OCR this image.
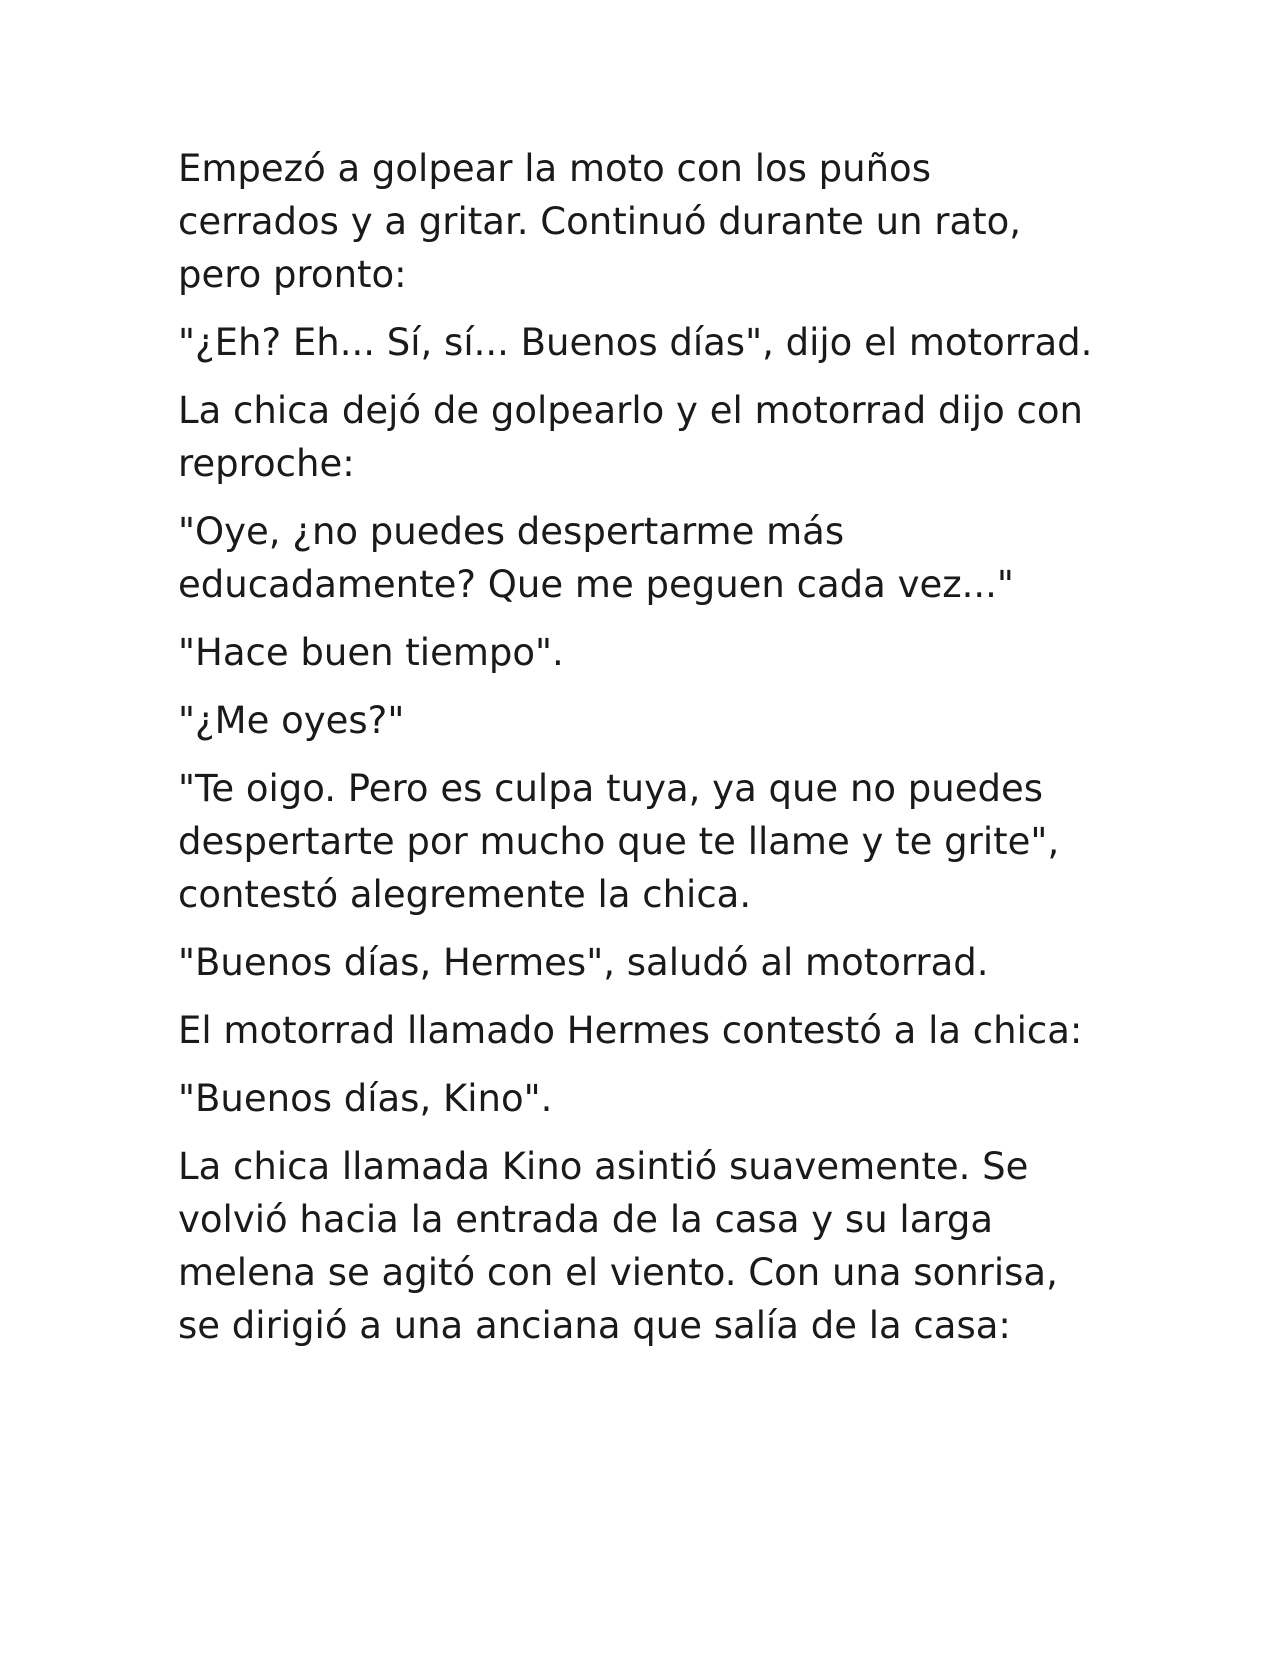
Empezó a golpear la moto con los puños cerrados y a gritar. Continuó durante un rato, pero pronto:

"¿Eh? Eh... Sí, sí... Buenos días", dijo el motorrad.

La chica dejó de golpearlo y el motorrad dijo con reproche:

"Oye, ¿no puedes despertarme más educadamente? Que me peguen cada vez..."

"Hace buen tiempo".

"¿Me oyes?"

"Te oigo. Pero es culpa tuya, ya que no puedes despertarte por mucho que te llame y te grite", contestó alegremente la chica.

"Buenos días, Hermes", saludó al motorrad.

El motorrad llamado Hermes contestó a la chica:

"Buenos días, Kino".

La chica llamada Kino asintió suavemente. Se volvió hacia la entrada de la casa y su larga melena se agitó con el viento. Con una sonrisa, se dirigió a una anciana que salía de la casa:
